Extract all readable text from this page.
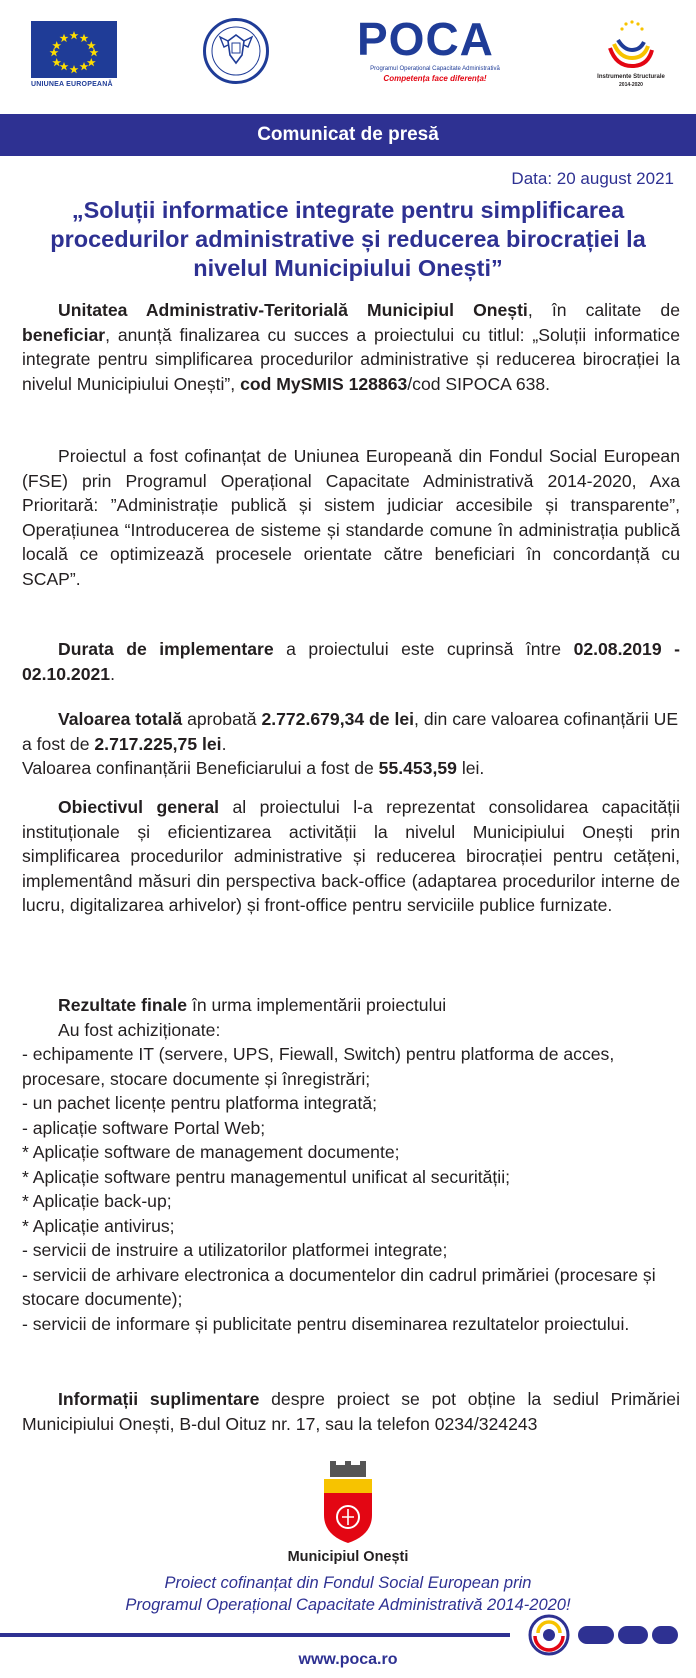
UNIUNEA EUROPEANĂ
POCA
Programul Operațional Capacitate Administrativă
Competența face diferența!	Instrumente Structurale
2014-2020
Comunicat de presă
Data: 20 august 2021
„Soluții informatice integrate pentru simplificarea procedurilor administrative și reducerea birocrației la nivelul Municipiului Onești”

Unitatea Administrativ-Teritorială Municipiul Onești, în calitate de beneficiar, anunță finalizarea cu succes a proiectului cu titlul: „Soluții informatice integrate pentru simplificarea procedurilor administrative și reducerea birocrației la nivelul Municipiului Onești”, cod MySMIS 128863/cod SIPOCA 638.

Proiectul a fost cofinanțat de Uniunea Europeană din Fondul Social European (FSE) prin Programul Operațional Capacitate Administrativă 2014-2020, Axa Prioritară: ”Administrație publică și sistem judiciar accesibile și transparente”, Operațiunea “Introducerea de sisteme și standarde comune în administrația publică locală ce optimizează procesele orientate către beneficiari în concordanță cu SCAP”.

Durata de implementare a proiectului este cuprinsă între 02.08.2019 - 02.10.2021.

Valoarea totală aprobată 2.772.679,34 de lei, din care valoarea cofinanțării UE a fost de 2.717.225,75 lei.
Valoarea confinanțării Beneficiarului a fost de 55.453,59 lei.

Obiectivul general al proiectului l-a reprezentat consolidarea capacității instituționale și eficientizarea activității la nivelul Municipiului Onești prin simplificarea procedurilor administrative și reducerea birocrației pentru cetățeni, implementând măsuri din perspectiva back-office (adaptarea procedurilor interne de lucru, digitalizarea arhivelor) și front-office pentru serviciile publice furnizate.

Rezultate finale în urma implementării proiectului
Au fost achiziționate:
- echipamente IT (servere, UPS, Fiewall, Switch) pentru platforma de acces, procesare, stocare documente și înregistrări;
- un pachet licențe pentru platforma integrată;
- aplicație software Portal Web;
* Aplicație software de management documente;
* Aplicație software pentru managementul unificat al securității;
* Aplicație back-up;
* Aplicație antivirus;
- servicii de instruire a utilizatorilor platformei integrate;
- servicii de arhivare electronica a documentelor din cadrul primăriei (procesare și stocare documente);
- servicii de informare și publicitate pentru diseminarea rezultatelor proiectului.

Informații suplimentare despre proiect se pot obține la sediul Primăriei Municipiului Onești, B-dul Oituz nr. 17, sau la telefon 0234/324243

Municipiul Onești
Proiect cofinanțat din Fondul Social European prin
Programul Operațional Capacitate Administrativă 2014-2020!
www.poca.ro
